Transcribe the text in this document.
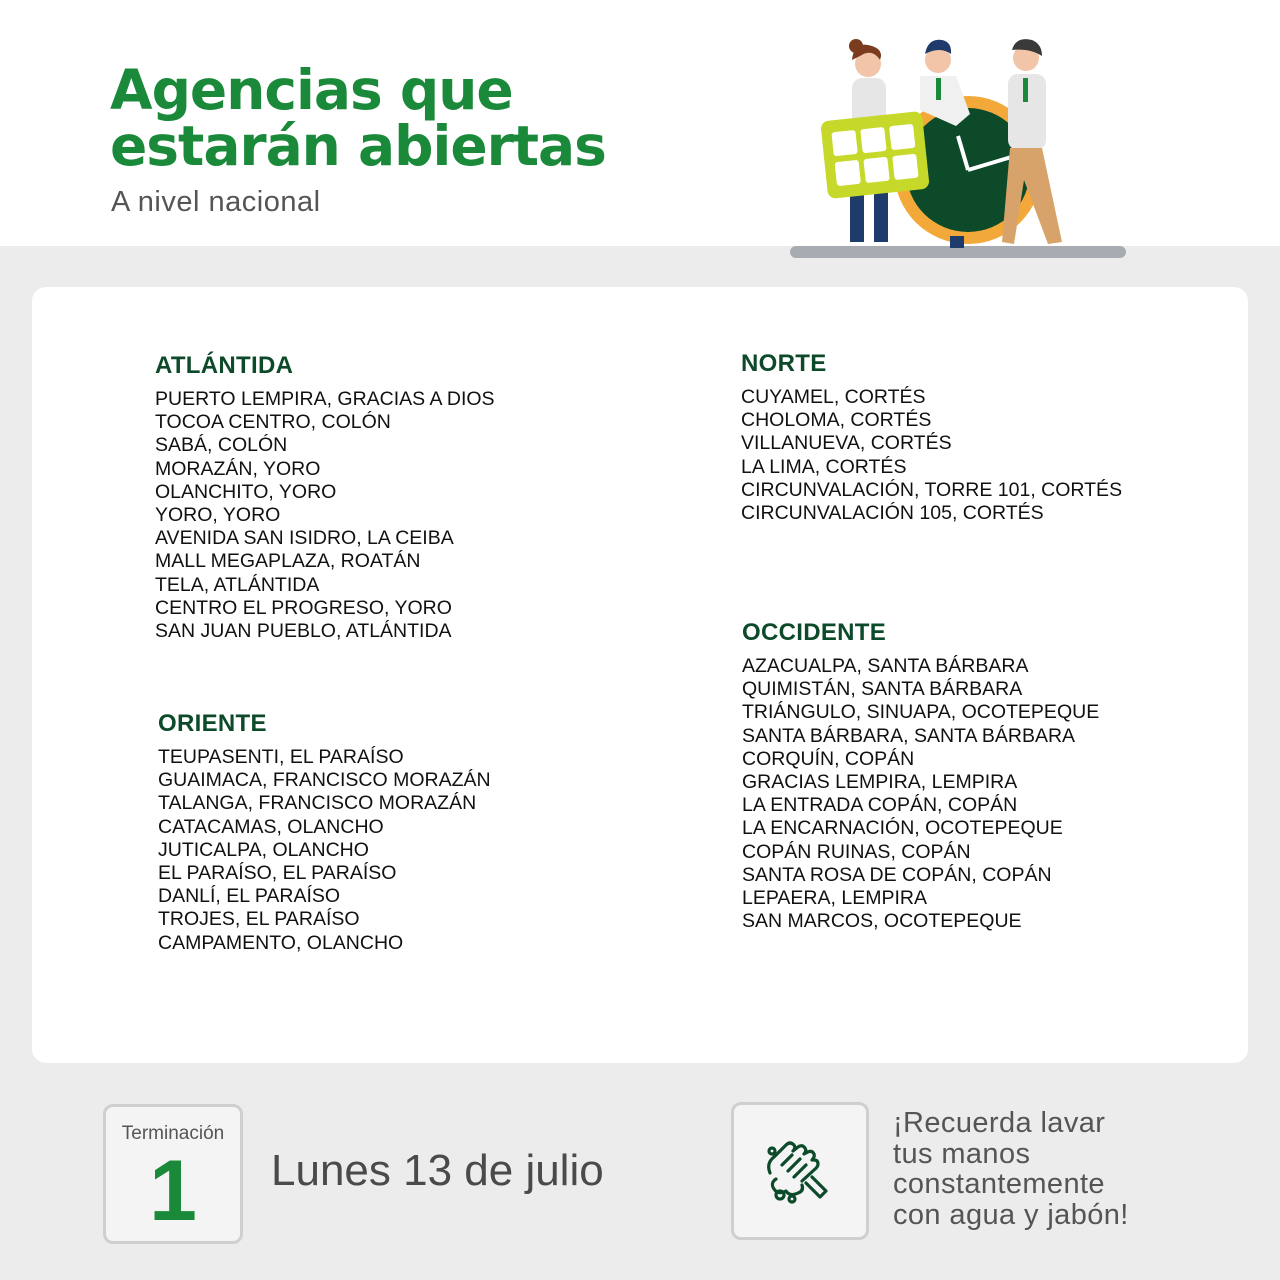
Agencias que
estarán abiertas
A nivel nacional
ATLÁNTIDA
PUERTO LEMPIRA, GRACIAS A DIOS
TOCOA CENTRO, COLÓN
SABÁ, COLÓN
MORAZÁN, YORO
OLANCHITO, YORO
YORO, YORO
AVENIDA SAN ISIDRO, LA CEIBA
MALL MEGAPLAZA, ROATÁN
TELA, ATLÁNTIDA
CENTRO EL PROGRESO, YORO
SAN JUAN PUEBLO, ATLÁNTIDA
ORIENTE
TEUPASENTI, EL PARAÍSO
GUAIMACA, FRANCISCO MORAZÁN
TALANGA, FRANCISCO MORAZÁN
CATACAMAS, OLANCHO
JUTICALPA, OLANCHO
EL PARAÍSO, EL PARAÍSO
DANLÍ, EL PARAÍSO
TROJES, EL PARAÍSO
CAMPAMENTO, OLANCHO
NORTE
CUYAMEL, CORTÉS
CHOLOMA, CORTÉS
VILLANUEVA, CORTÉS
LA LIMA, CORTÉS
CIRCUNVALACIÓN, TORRE 101, CORTÉS
CIRCUNVALACIÓN 105, CORTÉS
OCCIDENTE
AZACUALPA, SANTA BÁRBARA
QUIMISTÁN, SANTA BÁRBARA
TRIÁNGULO, SINUAPA, OCOTEPEQUE
SANTA BÁRBARA, SANTA BÁRBARA
CORQUÍN, COPÁN
GRACIAS LEMPIRA, LEMPIRA
LA ENTRADA COPÁN, COPÁN
LA ENCARNACIÓN, OCOTEPEQUE
COPÁN RUINAS, COPÁN
SANTA ROSA DE COPÁN, COPÁN
LEPAERA, LEMPIRA
SAN MARCOS, OCOTEPEQUE
Terminación
1	Lunes 13 de julio
¡Recuerda lavar
tus manos
constantemente
con agua y jabón!
